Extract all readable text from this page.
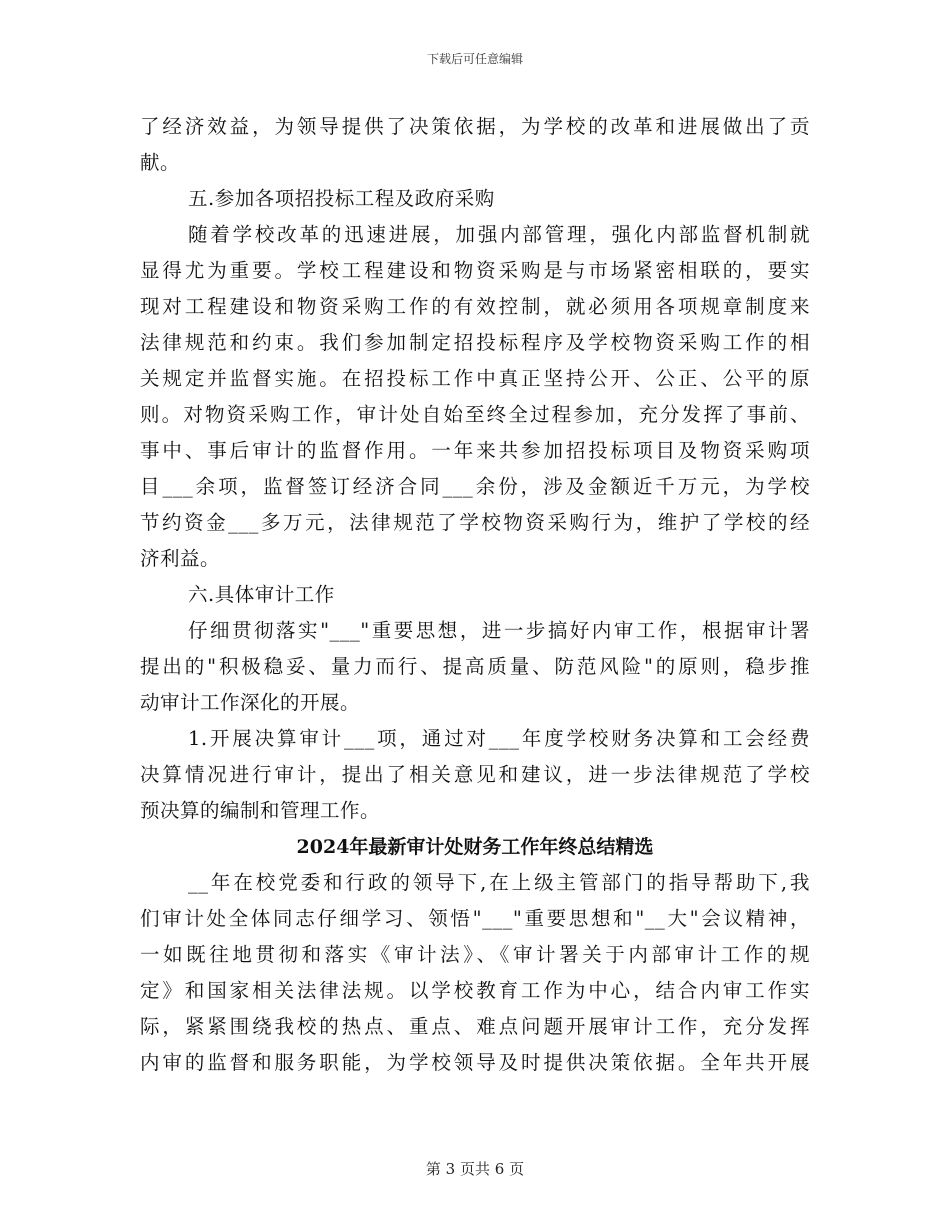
下载后可任意编辑
了经济效益，为领导提供了决策依据，为学校的改革和进展做出了贡
献。
五.参加各项招投标工程及政府采购
随着学校改革的迅速进展，加强内部管理，强化内部监督机制就
显得尤为重要。学校工程建设和物资采购是与市场紧密相联的，要实
现对工程建设和物资采购工作的有效控制，就必须用各项规章制度来
法律规范和约束。我们参加制定招投标程序及学校物资采购工作的相
关规定并监督实施。在招投标工作中真正坚持公开、公正、公平的原
则。对物资采购工作，审计处自始至终全过程参加，充分发挥了事前、
事中、事后审计的监督作用。一年来共参加招投标项目及物资采购项
目___余项，监督签订经济合同___余份，涉及金额近千万元，为学校
节约资金___多万元，法律规范了学校物资采购行为，维护了学校的经
济利益。
六.具体审计工作
仔细贯彻落实"___"重要思想，进一步搞好内审工作，根据审计署
提出的"积极稳妥、量力而行、提高质量、防范风险"的原则，稳步推
动审计工作深化的开展。
1.开展决算审计___项，通过对___年度学校财务决算和工会经费
决算情况进行审计，提出了相关意见和建议，进一步法律规范了学校
预决算的编制和管理工作。
2024年最新审计处财务工作年终总结精选
__年在校党委和行政的领导下,在上级主管部门的指导帮助下,我
们审计处全体同志仔细学习、领悟"___"重要思想和"__大"会议精神，
一如既往地贯彻和落实《审计法》、《审计署关于内部审计工作的规
定》和国家相关法律法规。以学校教育工作为中心，结合内审工作实
际，紧紧围绕我校的热点、重点、难点问题开展审计工作，充分发挥
内审的监督和服务职能，为学校领导及时提供决策依据。全年共开展
第 3 页共 6 页
